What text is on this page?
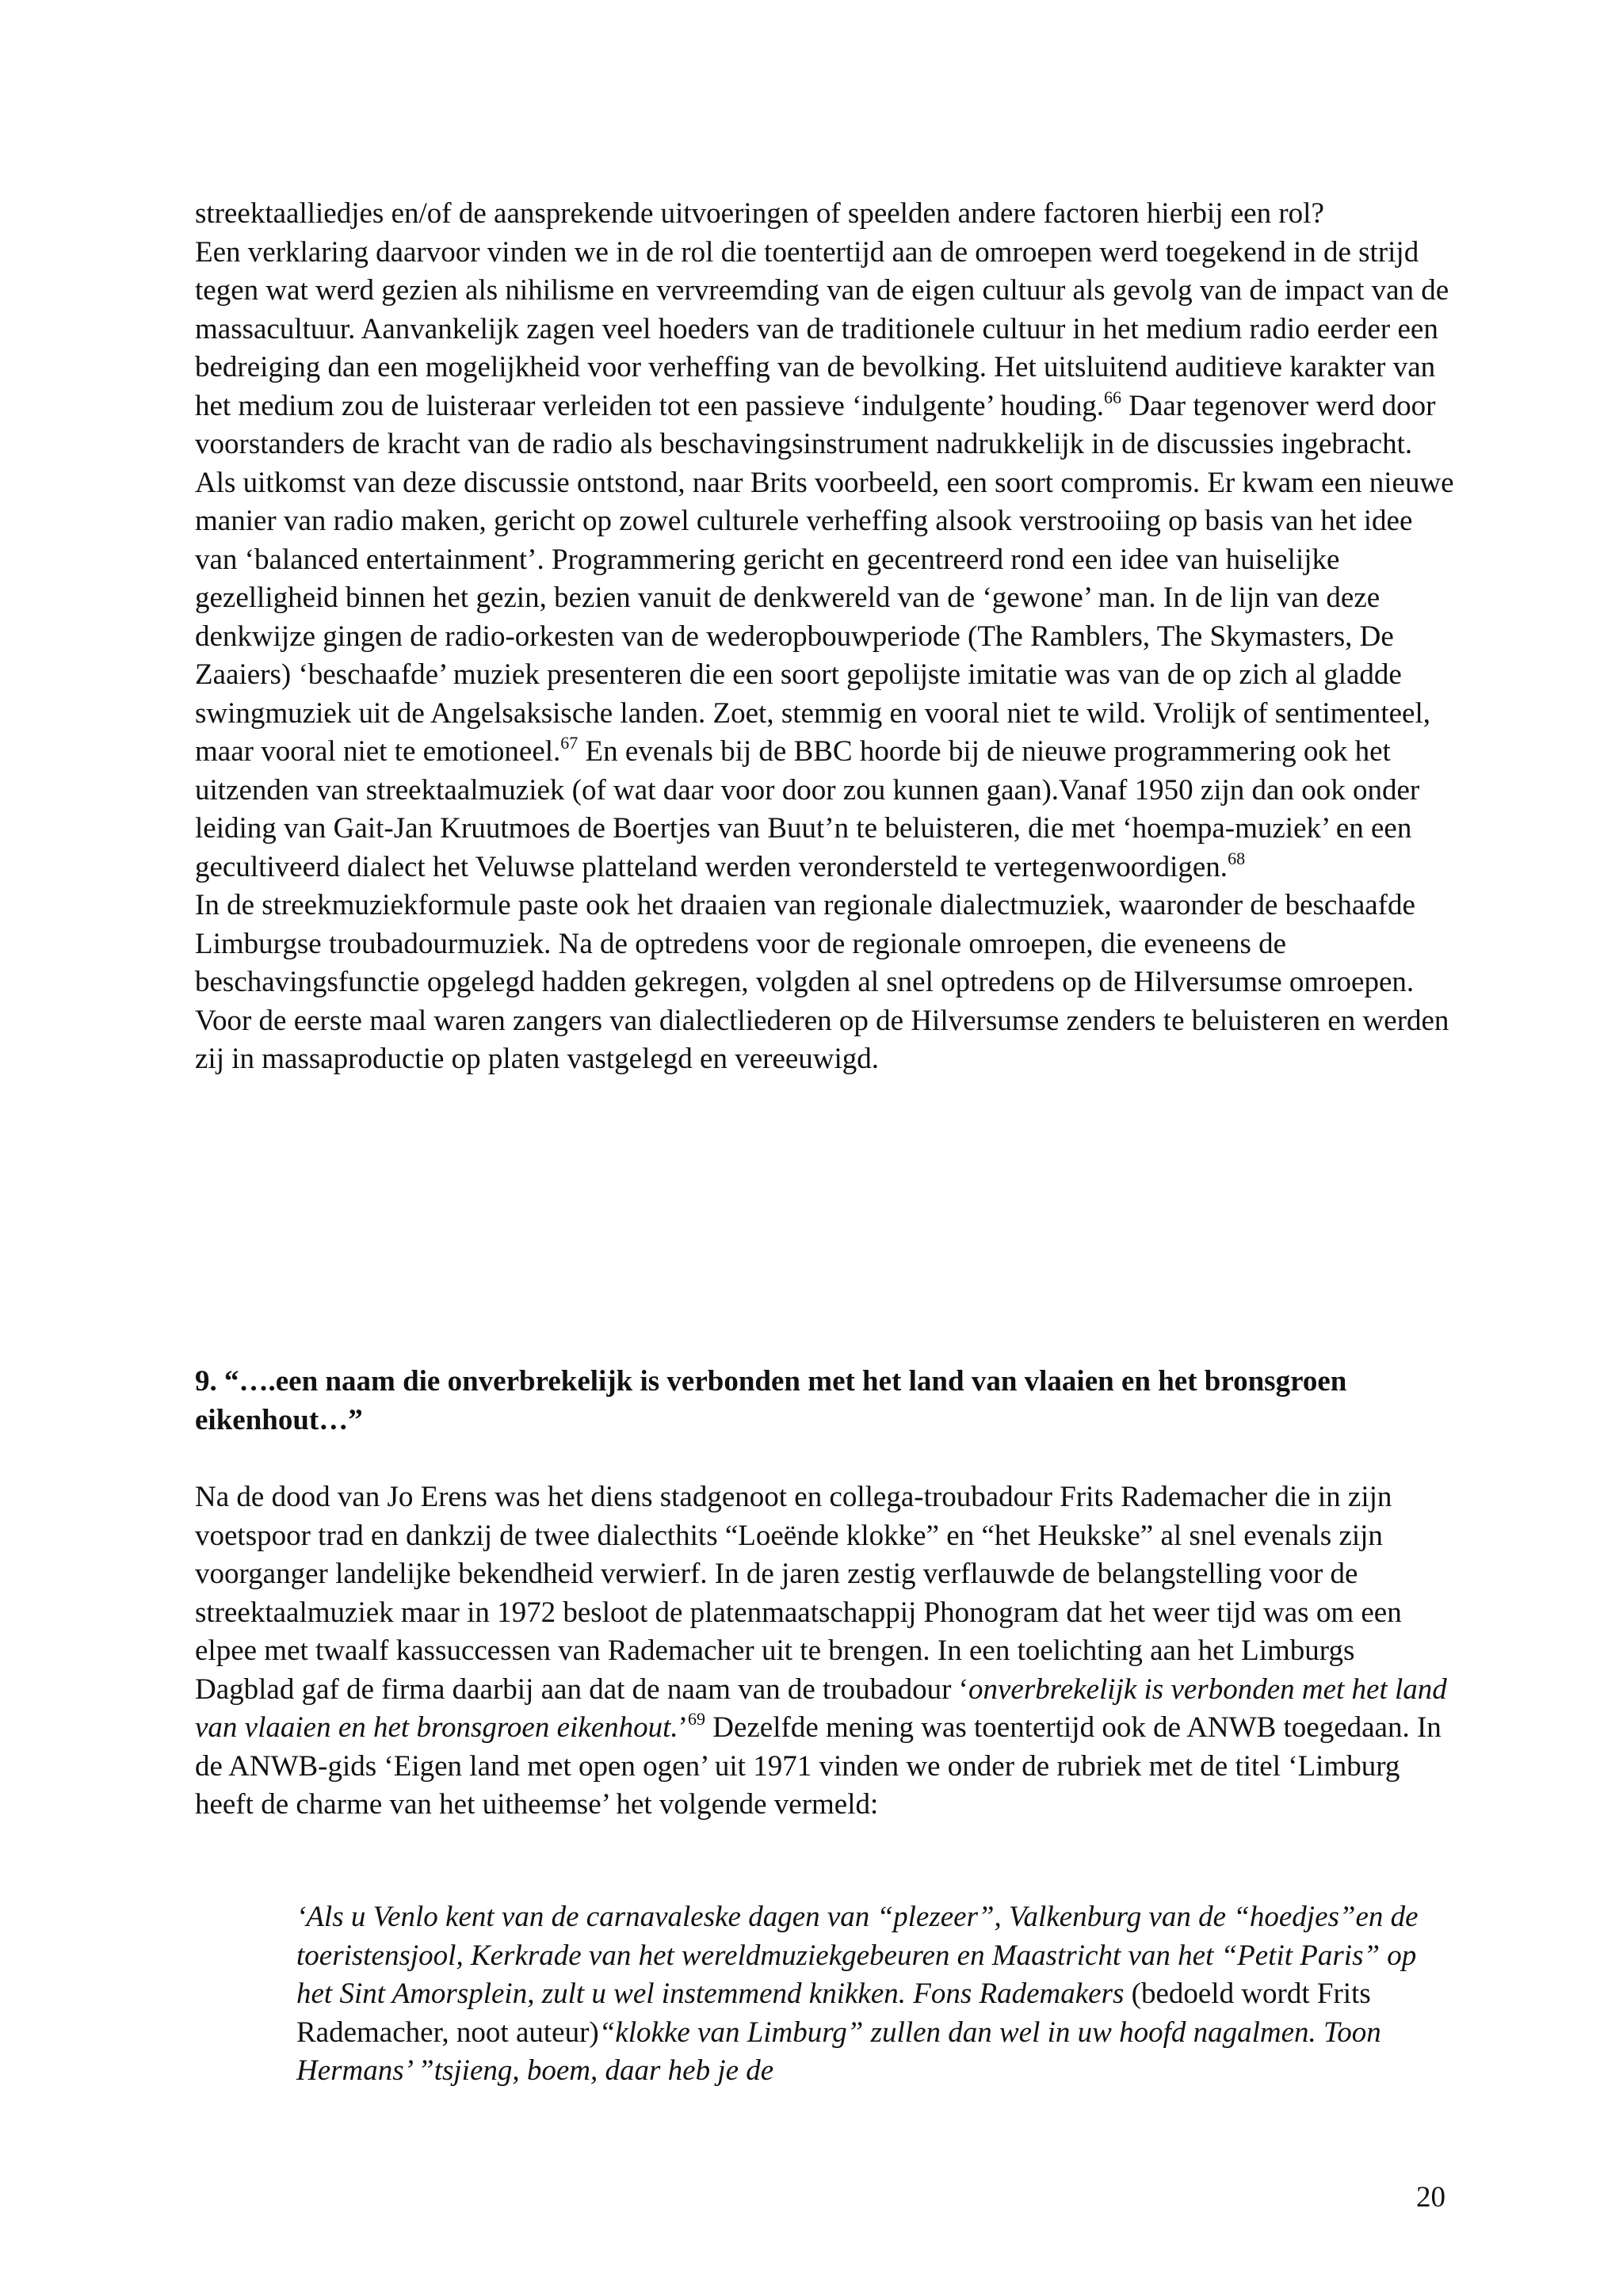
streektaalliedjes en/of de aansprekende uitvoeringen of speelden andere factoren hierbij een rol?

Een verklaring daarvoor vinden we in de rol die toentertijd aan de omroepen werd toegekend in de strijd tegen wat werd gezien als nihilisme en vervreemding van de eigen cultuur als gevolg van de impact van de massacultuur. Aanvankelijk zagen veel hoeders van de traditionele cultuur in het medium radio eerder een bedreiging dan een mogelijkheid voor verheffing van de bevolking. Het uitsluitend auditieve karakter van het medium zou de luisteraar verleiden tot een passieve ‘indulgente’ houding.$^{66}$ Daar tegenover werd door voorstanders de kracht van de radio als beschavingsinstrument nadrukkelijk in de discussies ingebracht.

Als uitkomst van deze discussie ontstond, naar Brits voorbeeld, een soort compromis. Er kwam een nieuwe manier van radio maken, gericht op zowel culturele verheffing alsook verstrooiing op basis van het idee van ‘balanced entertainment’. Programmering gericht en gecentreerd rond een idee van huiselijke gezelligheid binnen het gezin, bezien vanuit de denkwereld van de ‘gewone’ man. In de lijn van deze denkwijze gingen de radio-orkesten van de wederopbouwperiode (The Ramblers, The Skymasters, De Zaaiers) ‘beschaafde’ muziek presenteren die een soort gepolijste imitatie was van de op zich al gladde swingmuziek uit de Angelsaksische landen. Zoet, stemmig en vooral niet te wild. Vrolijk of sentimenteel, maar vooral niet te emotioneel.$^{67}$ En evenals bij de BBC hoorde bij de nieuwe programmering ook het uitzenden van streektaalmuziek (of wat daar voor door zou kunnen gaan).Vanaf 1950 zijn dan ook onder leiding van Gait-Jan Kruutmoes de Boertjes van Buut’n te beluisteren, die met ‘hoempa-muziek’ en een gecultiveerd dialect het Veluwse platteland werden verondersteld te vertegenwoordigen.$^{68}$

In de streekmuziekformule paste ook het draaien van regionale dialectmuziek, waaronder de beschaafde Limburgse troubadourmuziek. Na de optredens voor de regionale omroepen, die eveneens de beschavingsfunctie opgelegd hadden gekregen, volgden al snel optredens op de Hilversumse omroepen. Voor de eerste maal waren zangers van dialectliederen op de Hilversumse zenders te beluisteren en werden zij in massaproductie op platen vastgelegd en vereeuwigd.

9. “….een naam die onverbrekelijk is verbonden met het land van vlaaien en het bronsgroen eikenhout…”

Na de dood van Jo Erens was het diens stadgenoot en collega-troubadour Frits Rademacher die in zijn voetspoor trad en dankzij de twee dialecthits “Loeënde klokke” en “het Heukske” al snel evenals zijn voorganger landelijke bekendheid verwierf. In de jaren zestig verflauwde de belangstelling voor de streektaalmuziek maar in 1972 besloot de platenmaatschappij Phonogram dat het weer tijd was om een elpee met twaalf kassuccessen van Rademacher uit te brengen. In een toelichting aan het Limburgs Dagblad gaf de firma daarbij aan dat de naam van de troubadour ‘onverbrekelijk is verbonden met het land van vlaaien en het bronsgroen eikenhout.’$^{69}$ Dezelfde mening was toentertijd ook de ANWB toegedaan. In de ANWB-gids ‘Eigen land met open ogen’ uit 1971 vinden we onder de rubriek met de titel ‘Limburg heeft de charme van het uitheemse’ het volgende vermeld:

‘Als u Venlo kent van de carnavaleske dagen van “plezeer”, Valkenburg van de “hoedjes”en de toeristensjool, Kerkrade van het wereldmuziekgebeuren en Maastricht van het “Petit Paris” op het Sint Amorsplein, zult u wel instemmend knikken. Fons Rademakers (bedoeld wordt Frits Rademacher, noot auteur)“klokke van Limburg” zullen dan wel in uw hoofd nagalmen. Toon Hermans’ ”tsjieng, boem, daar heb je de

20
